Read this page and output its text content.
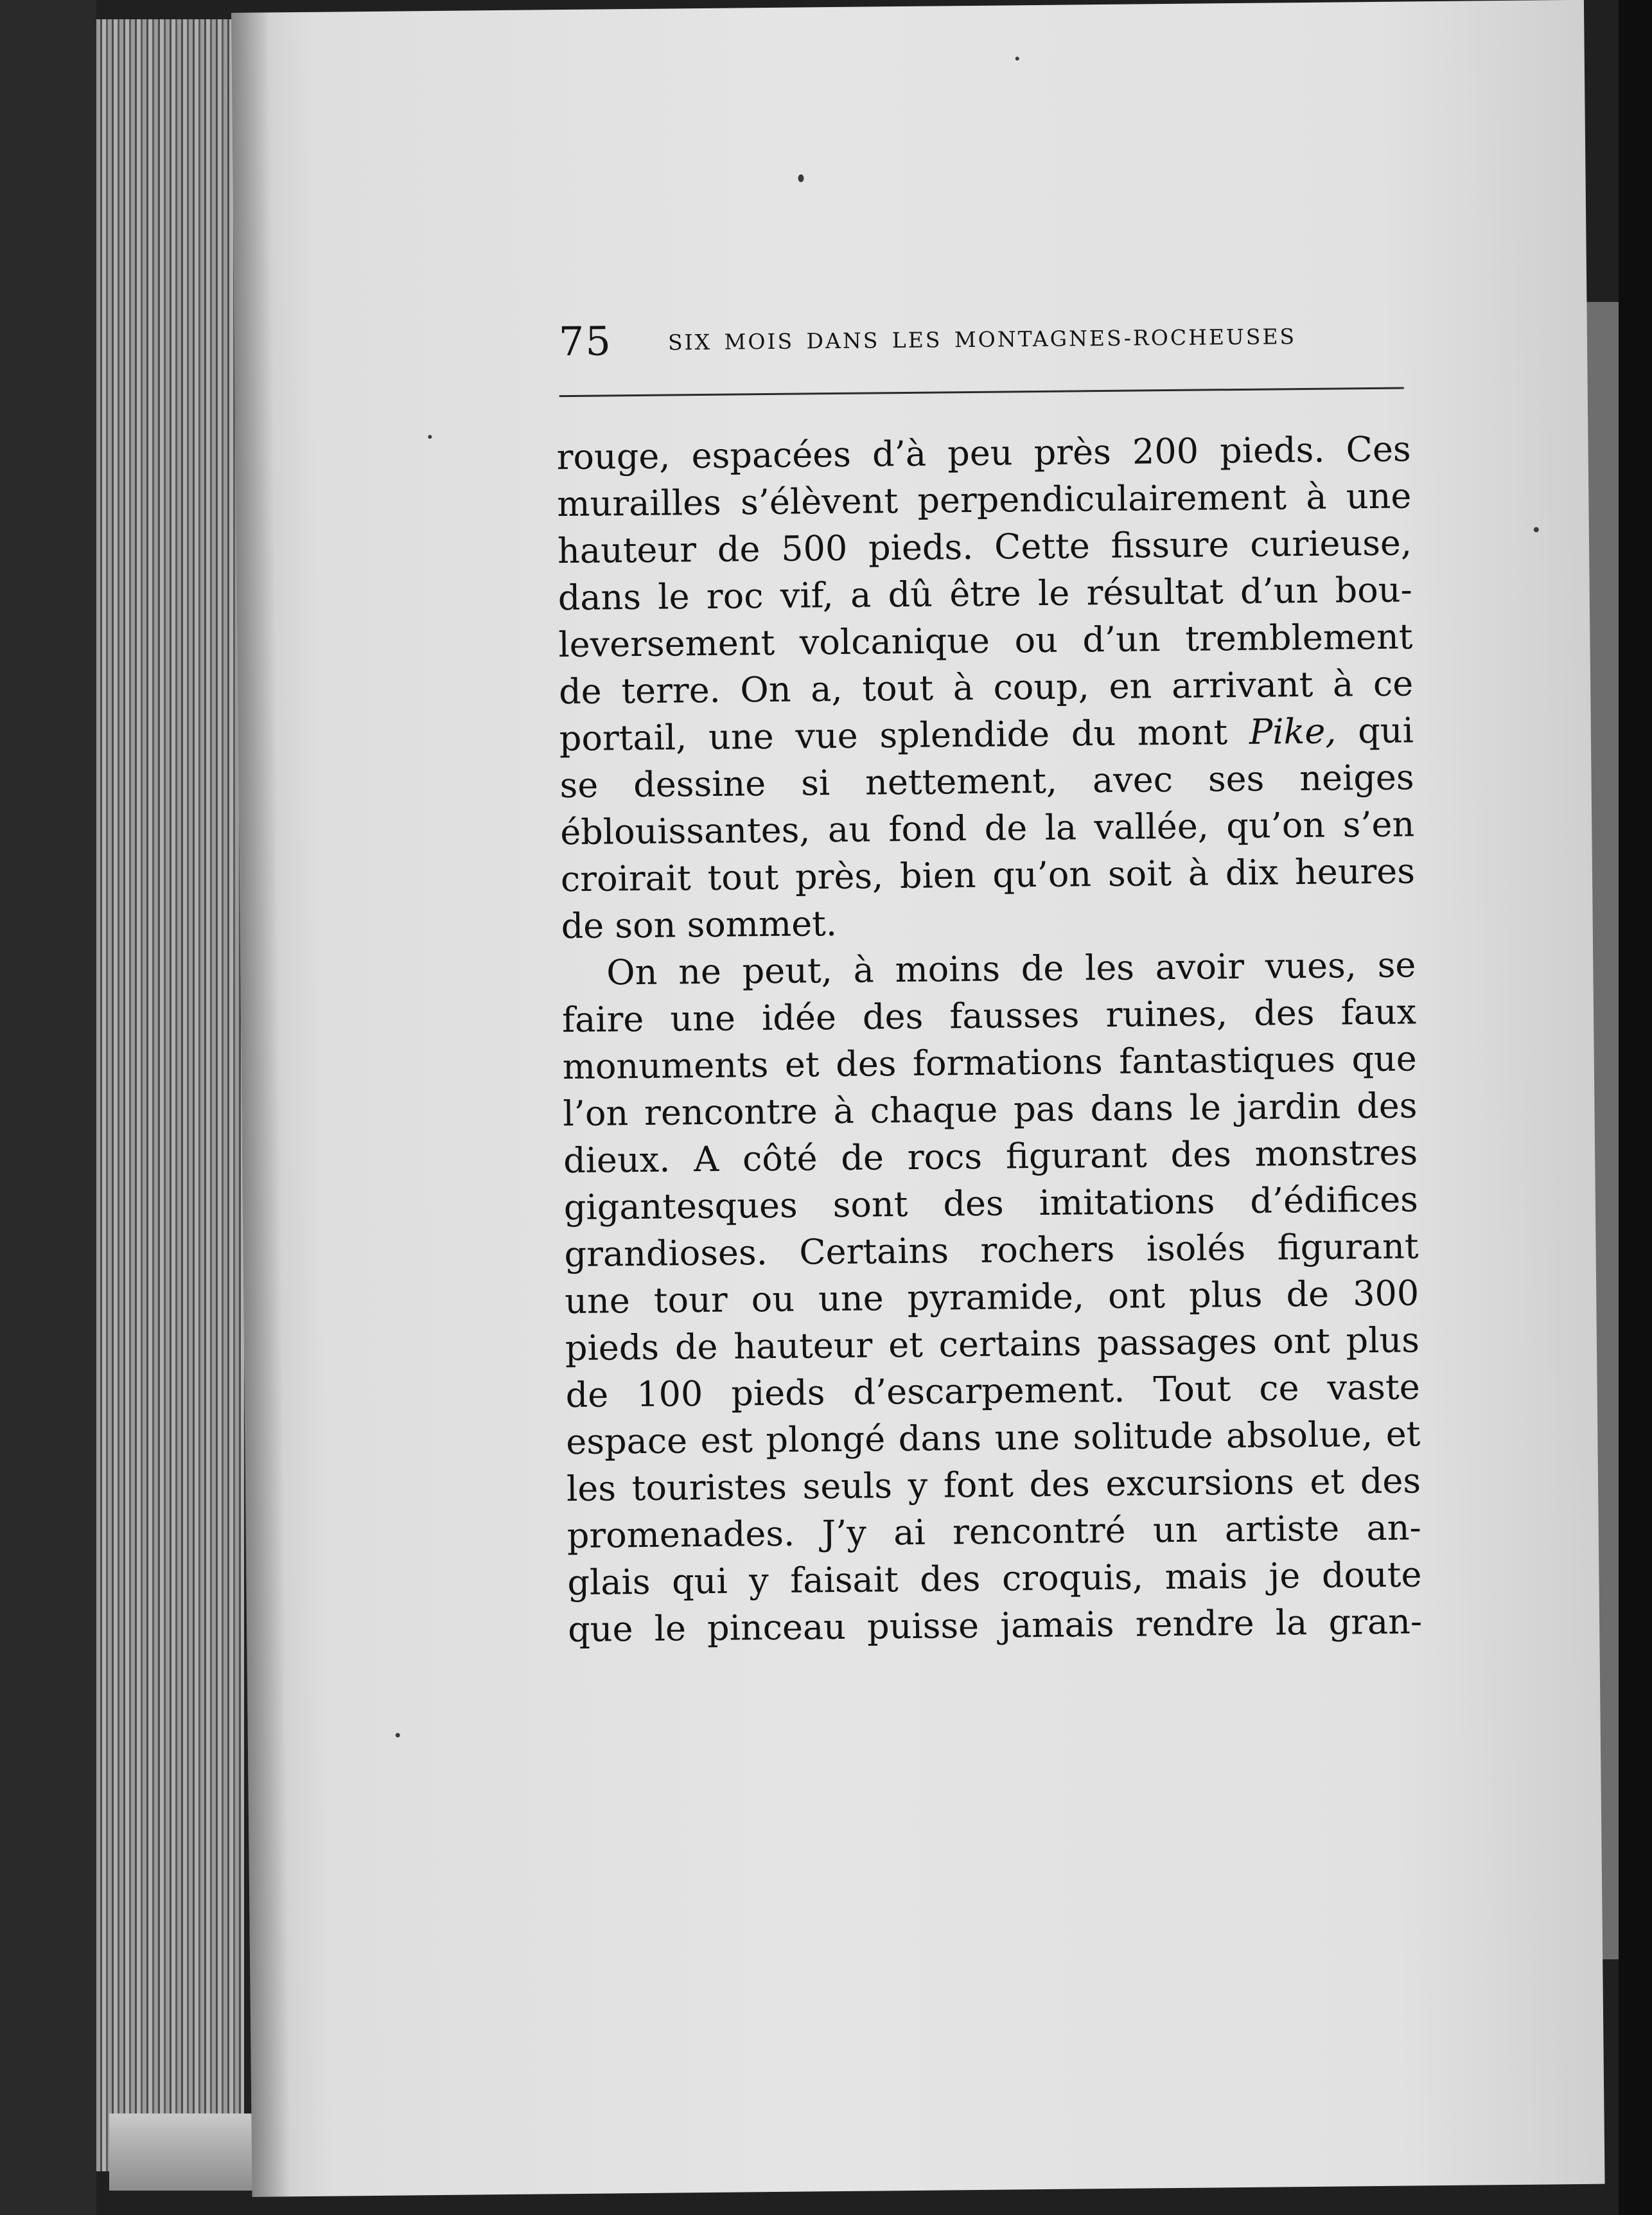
75	SIX MOIS DANS LES MONTAGNES-ROCHEUSES
rouge, espacées d’à peu près 200 pieds. Ces
murailles s’élèvent perpendiculairement à une
hauteur de 500 pieds. Cette fissure curieuse,
dans le roc vif, a dû être le résultat d’un bou-
leversement volcanique ou d’un tremblement
de terre. On a, tout à coup, en arrivant à ce
portail, une vue splendide du mont Pike, qui
se dessine si nettement, avec ses neiges
éblouissantes, au fond de la vallée, qu’on s’en
croirait tout près, bien qu’on soit à dix heures
de son sommet.
On ne peut, à moins de les avoir vues, se
faire une idée des fausses ruines, des faux
monuments et des formations fantastiques que
l’on rencontre à chaque pas dans le jardin des
dieux. A côté de rocs figurant des monstres
gigantesques sont des imitations d’édifices
grandioses. Certains rochers isolés figurant
une tour ou une pyramide, ont plus de 300
pieds de hauteur et certains passages ont plus
de 100 pieds d’escarpement. Tout ce vaste
espace est plongé dans une solitude absolue, et
les touristes seuls y font des excursions et des
promenades. J’y ai rencontré un artiste an-
glais qui y faisait des croquis, mais je doute
que le pinceau puisse jamais rendre la gran-
